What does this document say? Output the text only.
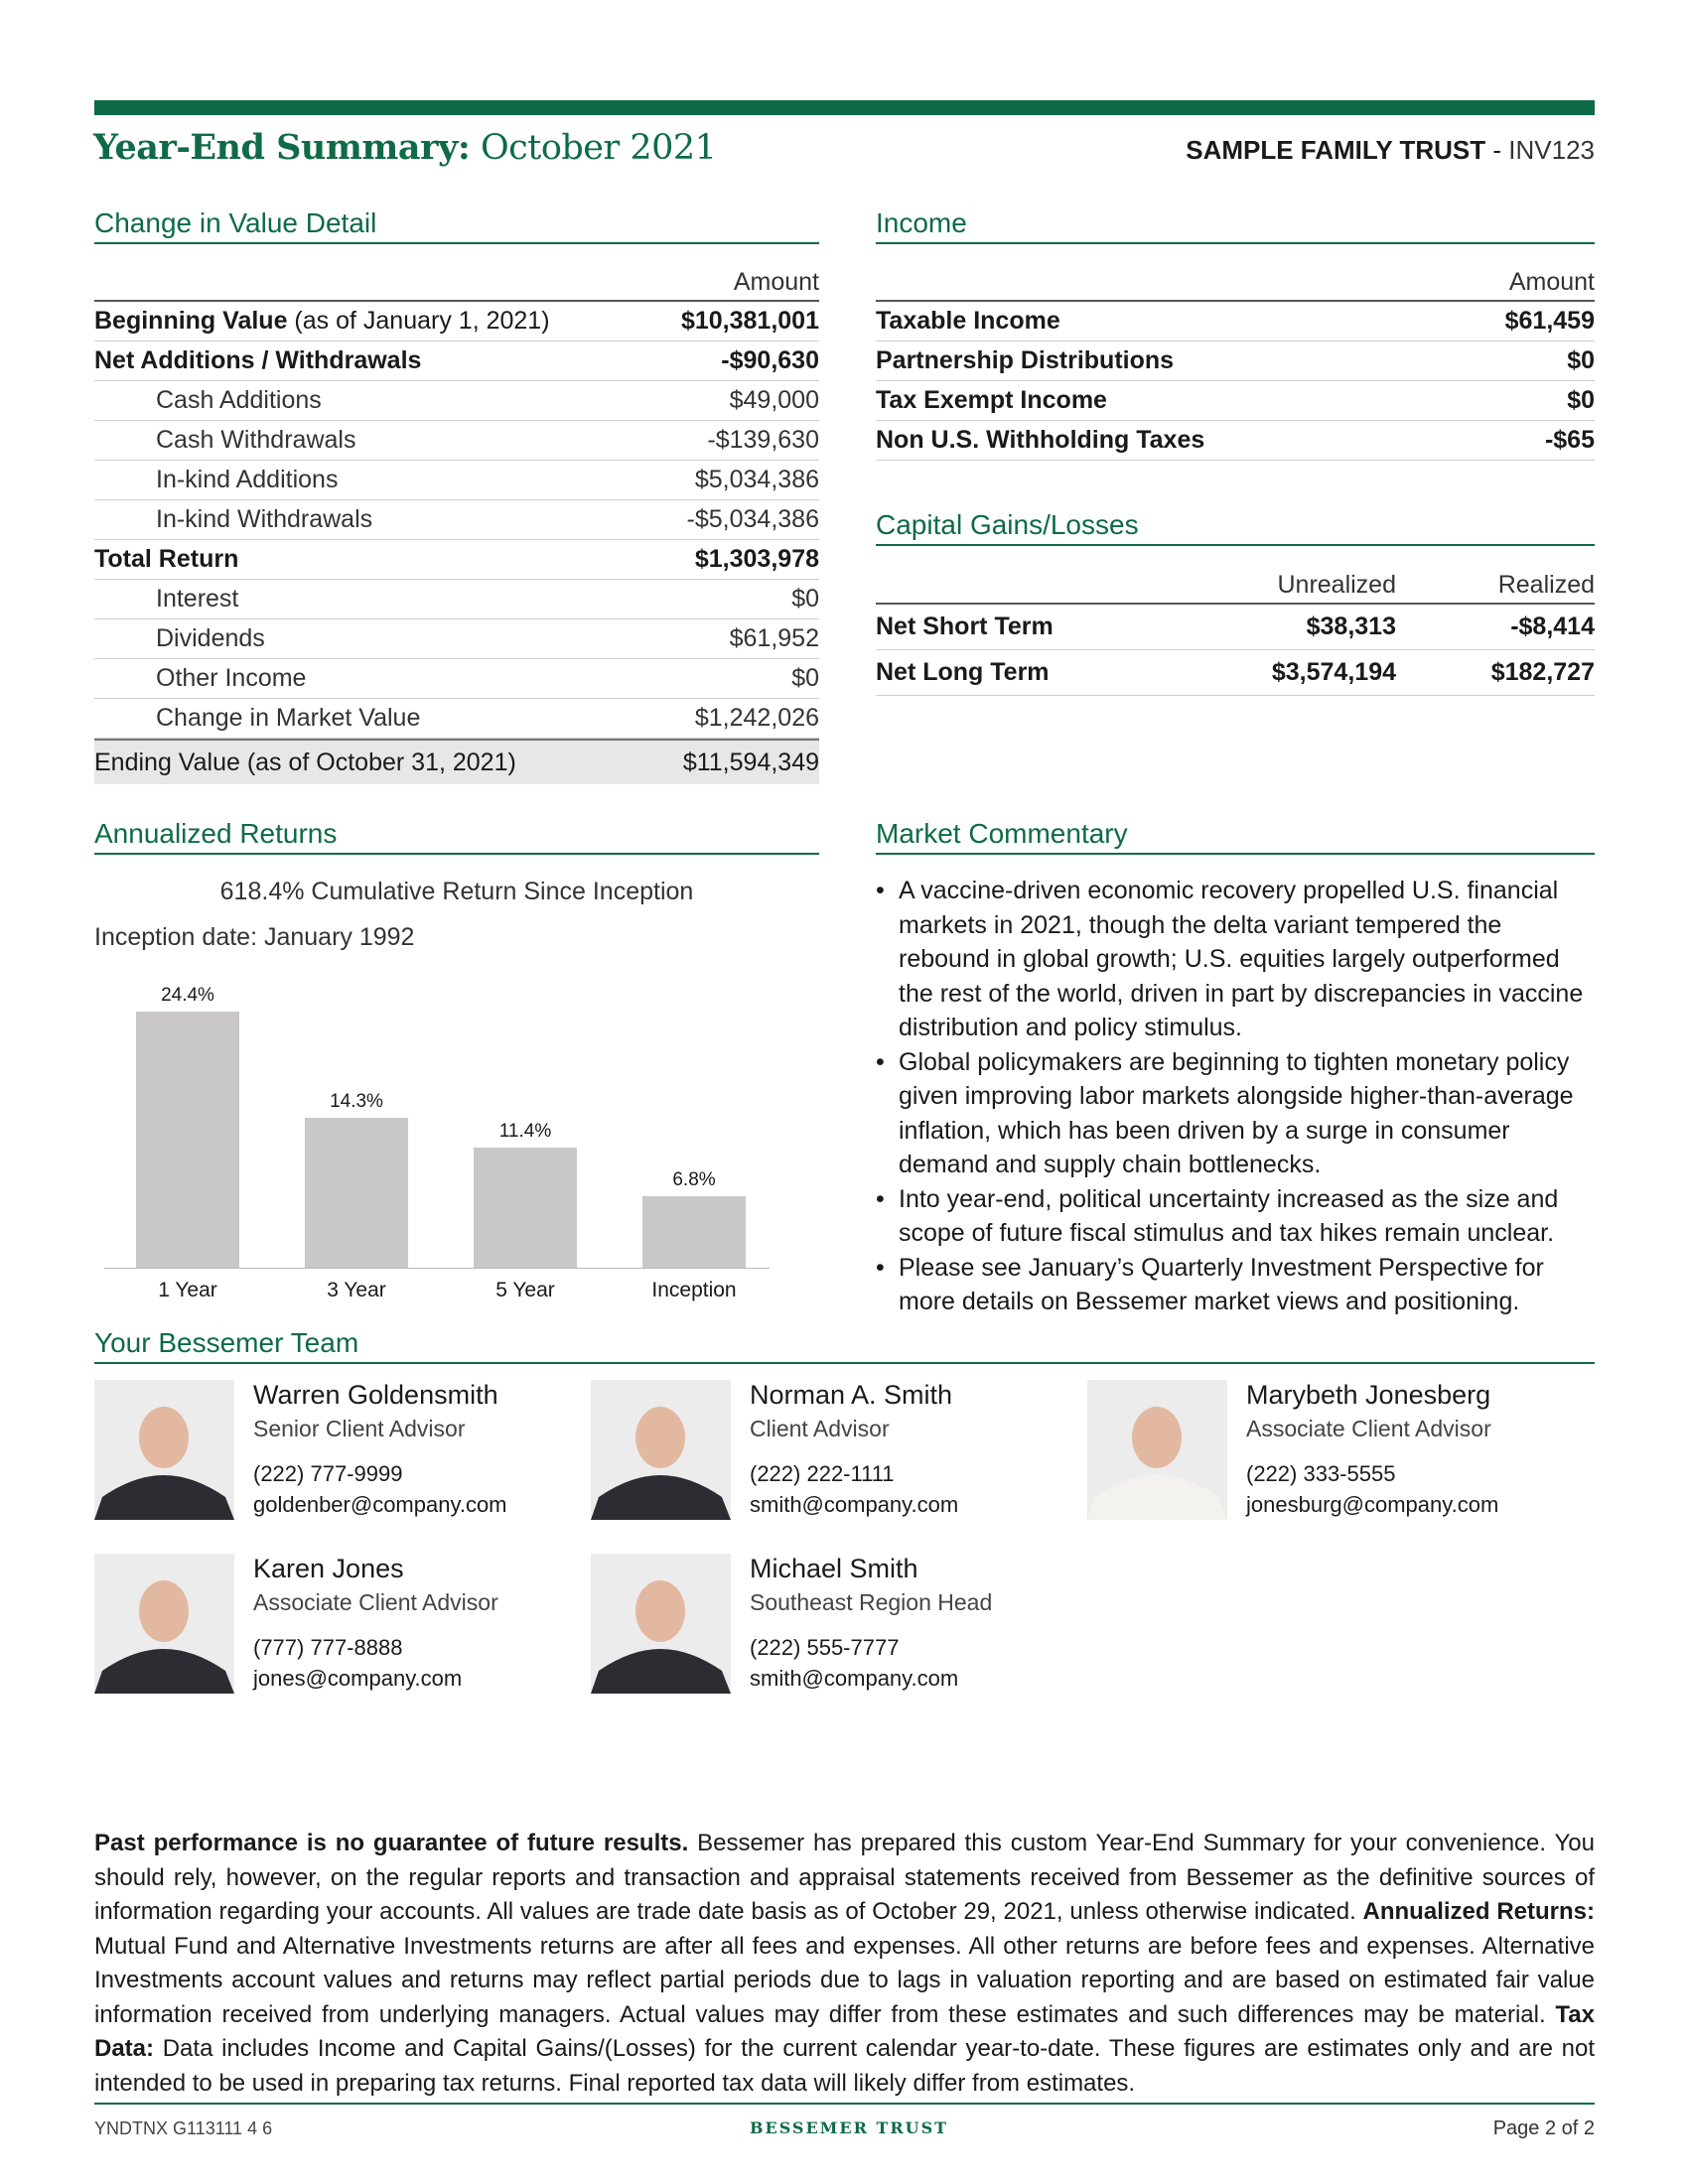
Year-End Summary: October 2021	SAMPLE FAMILY TRUST - INV123
Change in Value Detail
Amount
Beginning Value (as of January 1, 2021)	$10,381,001
Net Additions / Withdrawals	-$90,630
Cash Additions	$49,000
Cash Withdrawals	-$139,630
In-kind Additions	$5,034,386
In-kind Withdrawals	-$5,034,386
Total Return	$1,303,978
Interest	$0
Dividends	$61,952
Other Income	$0
Change in Market Value	$1,242,026
Ending Value (as of October 31, 2021)	$11,594,349
Income
Amount
Taxable Income	$61,459
Partnership Distributions	$0
Tax Exempt Income	$0
Non U.S. Withholding Taxes	-$65
Capital Gains/Losses
Unrealized	Realized
Net Short Term	$38,313	-$8,414
Net Long Term	$3,574,194	$182,727
Annualized Returns
618.4% Cumulative Return Since Inception
Inception date: January 1992
24.4%
1 Year
14.3%
3 Year
11.4%
5 Year
6.8%
Inception
Market Commentary
• A vaccine-driven economic recovery propelled U.S. financial markets in 2021, though the delta variant tempered the rebound in global growth; U.S. equities largely outperformed the rest of the world, driven in part by discrepancies in vaccine distribution and policy stimulus.
• Global policymakers are beginning to tighten monetary policy given improving labor markets alongside higher-than-average inflation, which has been driven by a surge in consumer demand and supply chain bottlenecks.
• Into year-end, political uncertainty increased as the size and scope of future fiscal stimulus and tax hikes remain unclear.
• Please see January’s Quarterly Investment Perspective for more details on Bessemer market views and positioning.
Your Bessemer Team
Warren Goldensmith
Senior Client Advisor
(222) 777-9999
goldenber@company.com
Norman A. Smith
Client Advisor
(222) 222-1111
smith@company.com
Marybeth Jonesberg
Associate Client Advisor
(222) 333-5555
jonesburg@company.com
Karen Jones
Associate Client Advisor
(777) 777-8888
jones@company.com
Michael Smith
Southeast Region Head
(222) 555-7777
smith@company.com
Past performance is no guarantee of future results. Bessemer has prepared this custom Year-End Summary for your convenience. You should rely, however, on the regular reports and transaction and appraisal statements received from Bessemer as the definitive sources of information regarding your accounts. All values are trade date basis as of October 29, 2021, unless otherwise indicated. Annualized Returns: Mutual Fund and Alternative Investments returns are after all fees and expenses. All other returns are before fees and expenses. Alternative Investments account values and returns may reflect partial periods due to lags in valuation reporting and are based on estimated fair value information received from underlying managers. Actual values may differ from these estimates and such differences may be material. Tax Data: Data includes Income and Capital Gains/(Losses) for the current calendar year-to-date. These figures are estimates only and are not intended to be used in preparing tax returns. Final reported tax data will likely differ from estimates.
YNDTNX G113111 4 6	BESSEMER TRUST	Page 2 of 2
